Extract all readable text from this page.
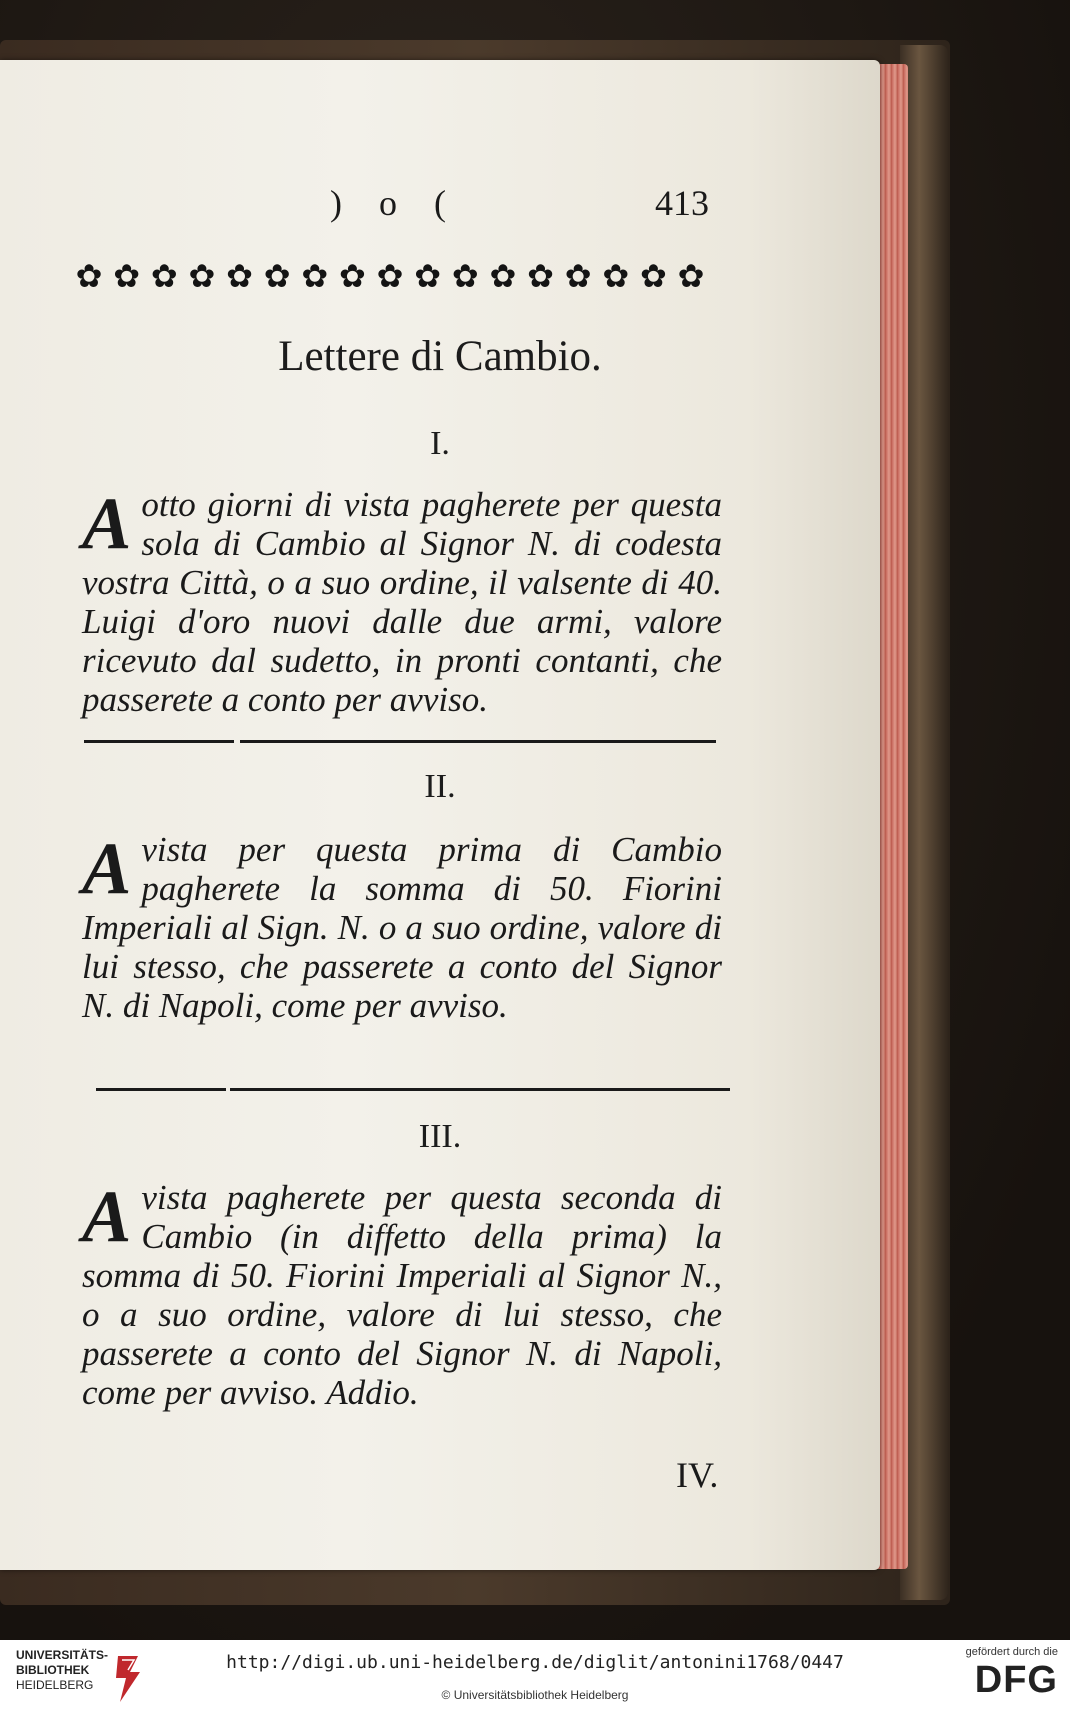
) o (	413
✿ ✿ ✿ ✿ ✿ ✿ ✿ ✿ ✿ ✿ ✿ ✿ ✿ ✿ ✿ ✿ ✿
Lettere di Cambio.
I.
A otto giorni di vista pagherete per questa sola di Cambio al Signor N. di codesta vostra Città, o a suo ordine, il valsente di 40. Luigi d'oro nuovi dalle due armi, valore ricevuto dal sudetto, in pronti contanti, che passerete a conto per avviso.
II.
A vista per questa prima di Cambio pagherete la somma di 50. Fiorini Imperiali al Sign. N. o a suo ordine, valore di lui stesso, che passerete a conto del Signor N. di Napoli, come per avviso.
III.
A vista pagherete per questa seconda di Cambio (in diffetto della prima) la somma di 50. Fiorini Imperiali al Signor N., o a suo ordine, valore di lui stesso, che passerete a conto del Signor N. di Napoli, come per avviso. Addio.
IV.
UNIVERSITÄTS-
BIBLIOTHEK
HEIDELBERG
http://digi.ub.uni-heidelberg.de/diglit/antonini1768/0447
© Universitätsbibliothek Heidelberg
gefördert durch die
DFG
